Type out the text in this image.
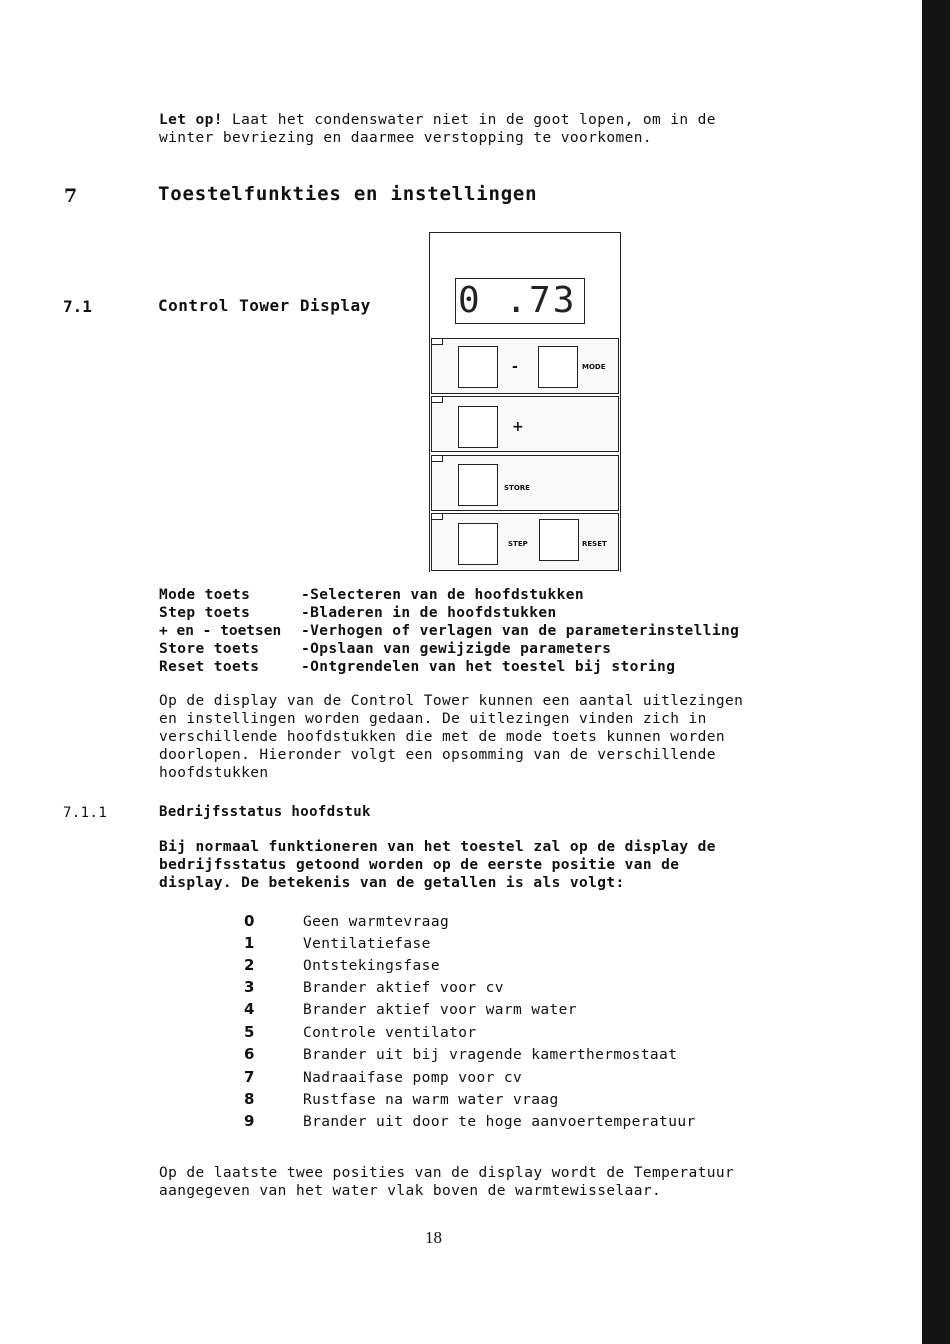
Let op! Laat het condenswater niet in de goot lopen, om in de
winter bevriezing en daarmee verstopping te voorkomen.
7	Toestelfunkties en instellingen
7.1	Control Tower Display 0 .73
-	MODE
+
STORE
STEP	RESET
Mode toets	-Selecteren van de hoofdstukken
Step toets	-Bladeren in de hoofdstukken
+ en - toetsen -Verhogen of verlagen van de parameterinstelling
Store toets	-Opslaan van gewijzigde parameters
Reset toets	-Ontgrendelen van het toestel bij storing
Op de display van de Control Tower kunnen een aantal uitlezingen
en instellingen worden gedaan. De uitlezingen vinden zich in
verschillende hoofdstukken die met de mode toets kunnen worden
doorlopen. Hieronder volgt een opsomming van de verschillende
hoofdstukken
7.1.1	Bedrijfsstatus hoofdstuk
Bij normaal funktioneren van het toestel zal op de display de
bedrijfsstatus getoond worden op de eerste positie van de
display. De betekenis van de getallen is als volgt:
0	Geen warmtevraag
1	Ventilatiefase
2	Ontstekingsfase
3	Brander aktief voor cv
4	Brander aktief voor warm water
5	Controle ventilator
6	Brander uit bij vragende kamerthermostaat
7	Nadraaifase pomp voor cv
8	Rustfase na warm water vraag
9	Brander uit door te hoge aanvoertemperatuur
Op de laatste twee posities van de display wordt de Temperatuur
aangegeven van het water vlak boven de warmtewisselaar.
18
